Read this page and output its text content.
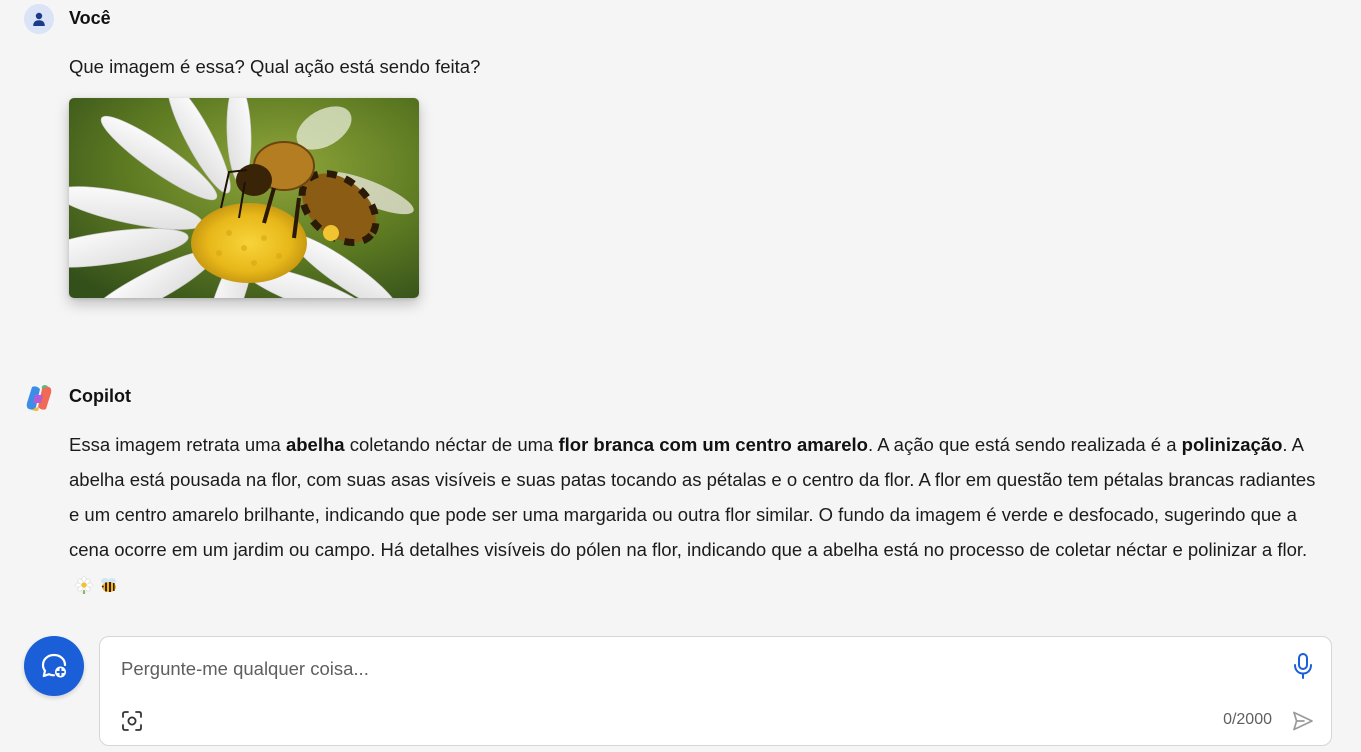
Você
Que imagem é essa? Qual ação está sendo feita?
Copilot
Essa imagem retrata uma abelha coletando néctar de uma flor branca com um centro amarelo. A ação que está sendo realizada é a polinização. A abelha está pousada na flor, com suas asas visíveis e suas patas tocando as pétalas e o centro da flor. A flor em questão tem pétalas brancas radiantes e um centro amarelo brilhante, indicando que pode ser uma margarida ou outra flor similar. O fundo da imagem é verde e desfocado, sugerindo que a cena ocorre em um jardim ou campo. Há detalhes visíveis do pólen na flor, indicando que a abelha está no processo de coletar néctar e polinizar a flor.
Pergunte-me qualquer coisa...
0/2000
